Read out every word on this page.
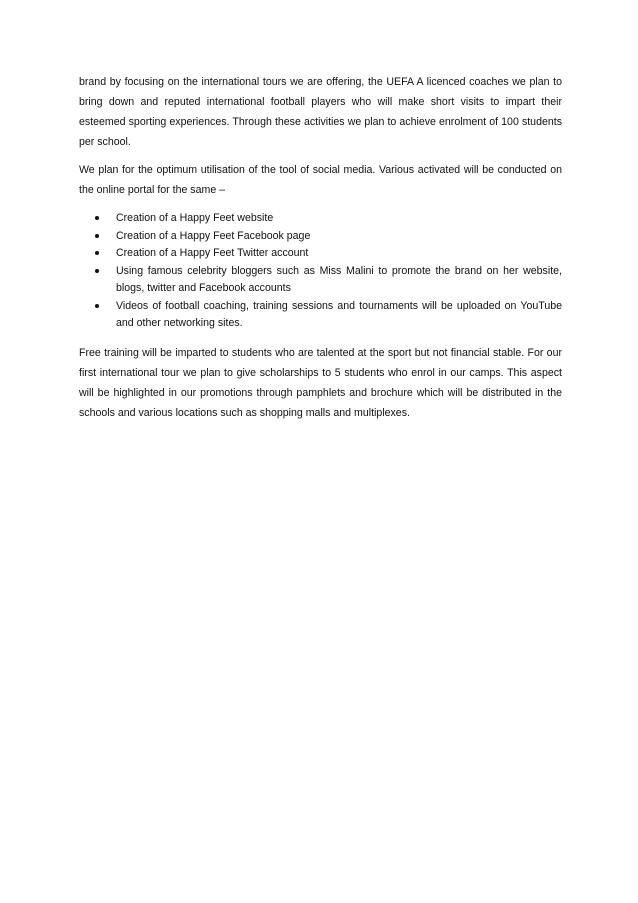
brand by focusing on the international tours we are offering, the UEFA A licenced coaches we plan to bring down and reputed international football players who will make short visits to impart their esteemed sporting experiences. Through these activities we plan to achieve enrolment of 100 students per school.

We plan for the optimum utilisation of the tool of social media. Various activated will be conducted on the online portal for the same –

Creation of a Happy Feet website
Creation of a Happy Feet Facebook page
Creation of a Happy Feet Twitter account
Using famous celebrity bloggers such as Miss Malini to promote the brand on her website, blogs, twitter and Facebook accounts
Videos of football coaching, training sessions and tournaments will be uploaded on YouTube and other networking sites.

Free training will be imparted to students who are talented at the sport but not financial stable. For our first international tour we plan to give scholarships to 5 students who enrol in our camps. This aspect will be highlighted in our promotions through pamphlets and brochure which will be distributed in the schools and various locations such as shopping malls and multiplexes.
